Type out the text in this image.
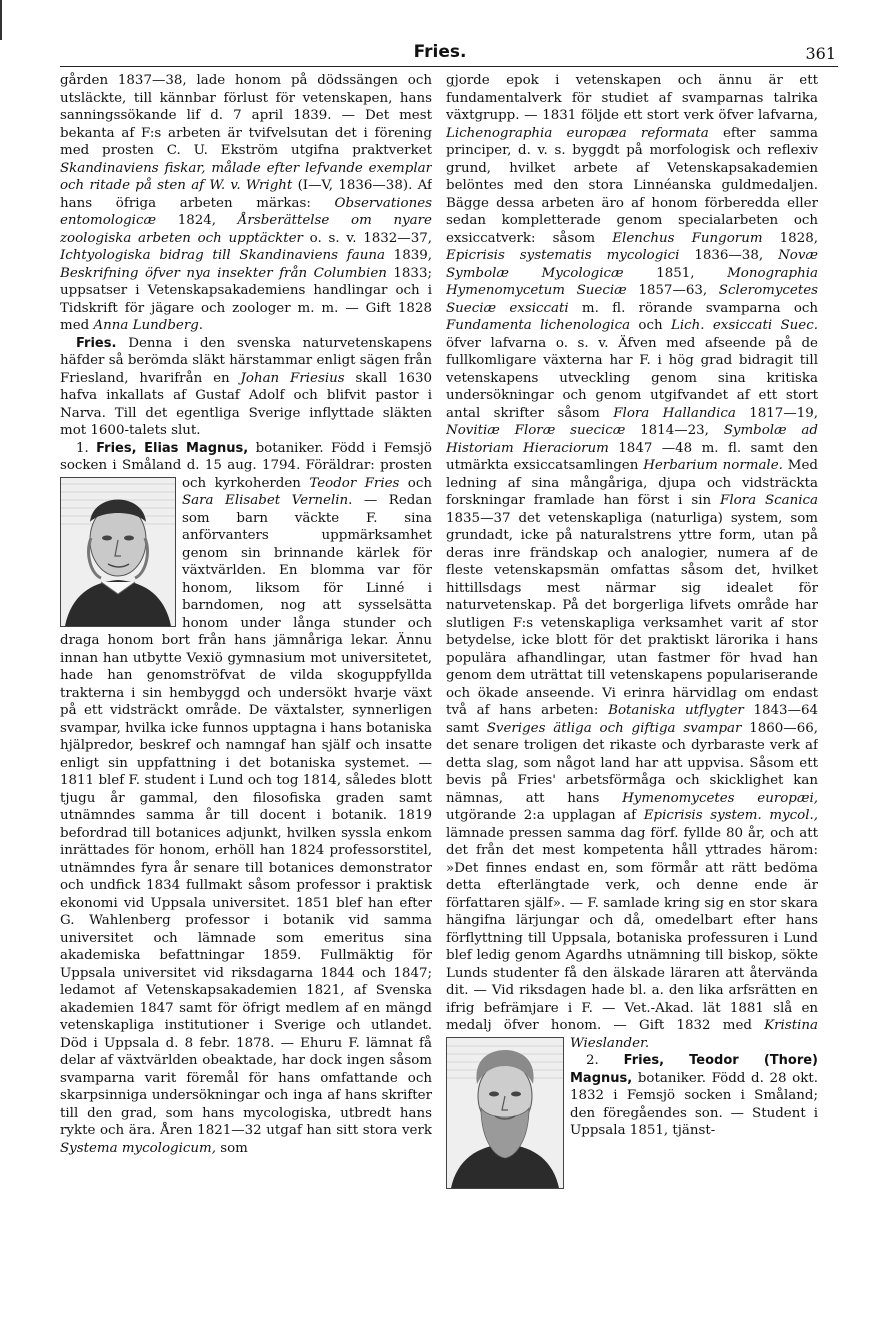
Fries.	361

gården 1837—38, lade honom på dödssängen och utsläckte, till kännbar förlust för vetenskapen, hans sanningssökande lif d. 7 april 1839. — Det mest bekanta af F:s arbeten är tvifvelsutan det i förening med prosten C. U. Ekström utgifna praktverket Skandinaviens fiskar, målade efter lefvande exemplar och ritade på sten af W. v. Wright (I—V, 1836—38). Af hans öfriga arbeten märkas: Observationes entomologicæ 1824, Årsberättelse om nyare zoologiska arbeten och upptäckter o. s. v. 1832—37, Ichtyologiska bidrag till Skandinaviens fauna 1839, Beskrifning öfver nya insekter från Columbien 1833; uppsatser i Vetenskapsakademiens handlingar och i Tidskrift för jägare och zoologer m. m. — Gift 1828 med Anna Lundberg.

Fries. Denna i den svenska naturvetenskapens häfder så berömda släkt härstammar enligt sägen från Friesland, hvarifrån en Johan Friesius skall 1630 hafva inkallats af Gustaf Adolf och blifvit pastor i Narva. Till det egentliga Sverige inflyttade släkten mot 1600-talets slut.

1. Fries, Elias Magnus, botaniker. Född i Femsjö socken i Småland d. 15 aug. 1794. Föräldrar: prosten och kyrkoherden
Teodor Fries och Sara Elisabet Vernelin. — Redan som barn väckte F. sina anförvanters uppmärksamhet genom sin brinnande kärlek för växtvärlden. En blomma var för honom, liksom för Linné i barndomen, nog att sysselsätta honom under långa stunder och draga honom bort från hans jämnåriga lekar. Ännu innan han utbytte Vexiö gymnasium mot universitetet, hade han genomströfvat de vilda skoguppfyllda trakterna i sin hembyggd och undersökt hvarje växt på ett vidsträckt område. De växtalster, synnerligen svampar, hvilka icke funnos upptagna i hans botaniska hjälpredor, beskref och namngaf han själf och insatte enligt sin uppfattning i det botaniska systemet. — 1811 blef F. student i Lund och tog 1814, således blott tjugu år gammal, den filosofiska graden samt utnämndes samma år till docent i botanik. 1819 befordrad till botanices adjunkt, hvilken syssla enkom inrättades för honom, erhöll han 1824 professorstitel, utnämndes fyra år senare till botanices demonstrator och undfick 1834 fullmakt såsom professor i praktisk ekonomi vid Uppsala universitet. 1851 blef han efter G. Wahlenberg professor i botanik vid samma universitet och lämnade som emeritus sina akademiska befattningar 1859. Fullmäktig för Uppsala universitet vid riksdagarna 1844 och 1847; ledamot af Vetenskapsakademien 1821, af Svenska akademien 1847 samt för öfrigt medlem af en mängd vetenskapliga institutioner i Sverige och utlandet. Död i Uppsala d. 8 febr. 1878. — Ehuru F. lämnat få delar af växtvärlden obeaktade, har dock ingen såsom svamparna varit föremål för hans omfattande och skarpsinniga undersökningar och inga af hans skrifter till den grad, som hans mycologiska, utbredt hans rykte och ära. Åren 1821—32 utgaf han sitt stora verk Systema mycologicum, som

gjorde epok i vetenskapen och ännu är ett fundamentalverk för studiet af svamparnas talrika växtgrupp. — 1831 följde ett stort verk öfver lafvarna, Lichenographia europæa reformata efter samma principer, d. v. s. byggdt på morfologisk och reflexiv grund, hvilket arbete af Vetenskapsakademien belöntes med den stora Linnéanska guldmedaljen. Bägge dessa arbeten äro af honom förberedda eller sedan kompletterade genom specialarbeten och exsiccatverk: såsom Elenchus Fungorum 1828, Epicrisis systematis mycologici 1836—38, Novæ Symbolæ Mycologicæ 1851, Monographia Hymenomycetum Sueciæ 1857—63, Scleromycetes Sueciæ exsiccati m. fl. rörande svamparna och Fundamenta lichenologica och Lich. exsiccati Suec. öfver lafvarna o. s. v. Äfven med afseende på de fullkomligare växterna har F. i hög grad bidragit till vetenskapens utveckling genom sina kritiska undersökningar och genom utgifvandet af ett stort antal skrifter såsom Flora Hallandica 1817—19, Novitiæ Floræ suecicæ 1814—23, Symbolæ ad Historiam Hieraciorum 1847 —48 m. fl. samt den utmärkta exsiccatsamlingen Herbarium normale. Med ledning af sina mångåriga, djupa och vidsträckta forskningar framlade han först i sin Flora Scanica 1835—37 det vetenskapliga (naturliga) system, som grundadt, icke på naturalstrens yttre form, utan på deras inre frändskap och analogier, numera af de fleste vetenskapsmän omfattas såsom det, hvilket hittillsdags mest närmar sig idealet för naturvetenskap. På det borgerliga lifvets område har slutligen F:s vetenskapliga verksamhet varit af stor betydelse, icke blott för det praktiskt lärorika i hans populära afhandlingar, utan fastmer för hvad han genom dem uträttat till vetenskapens populariserande och ökade anseende. Vi erinra härvidlag om endast två af hans arbeten: Botaniska utflygter 1843—64 samt Sveriges ätliga och giftiga svampar 1860—66, det senare troligen det rikaste och dyrbaraste verk af detta slag, som något land har att uppvisa. Såsom ett bevis på Fries' arbetsförmåga och skicklighet kan nämnas, att hans Hymenomycetes europæi, utgörande 2:a upplagan af Epicrisis system. mycol., lämnade pressen samma dag förf. fyllde 80 år, och att det från det mest kompetenta håll yttrades härom: »Det finnes endast en, som förmår att rätt bedöma detta efterlängtade verk, och denne ende är författaren själf». — F. samlade kring sig en stor skara hängifna lärjungar och då, omedelbart efter hans förflyttning till Uppsala, botaniska professuren i Lund blef ledig genom Agardhs utnämning till biskop, sökte Lunds studenter få den älskade läraren att återvända dit. — Vid riksdagen hade bl. a. den lika arfsrätten en ifrig befrämjare i F. — Vet.-Akad. lät 1881 slå en medalj öfver honom. — Gift 1832 med
Kristina Wieslander.

2. Fries, Teodor (Thore) Magnus, botaniker. Född d. 28 okt. 1832 i Femsjö socken i Småland; den föregåendes son. — Student i Uppsala 1851, tjänst-
